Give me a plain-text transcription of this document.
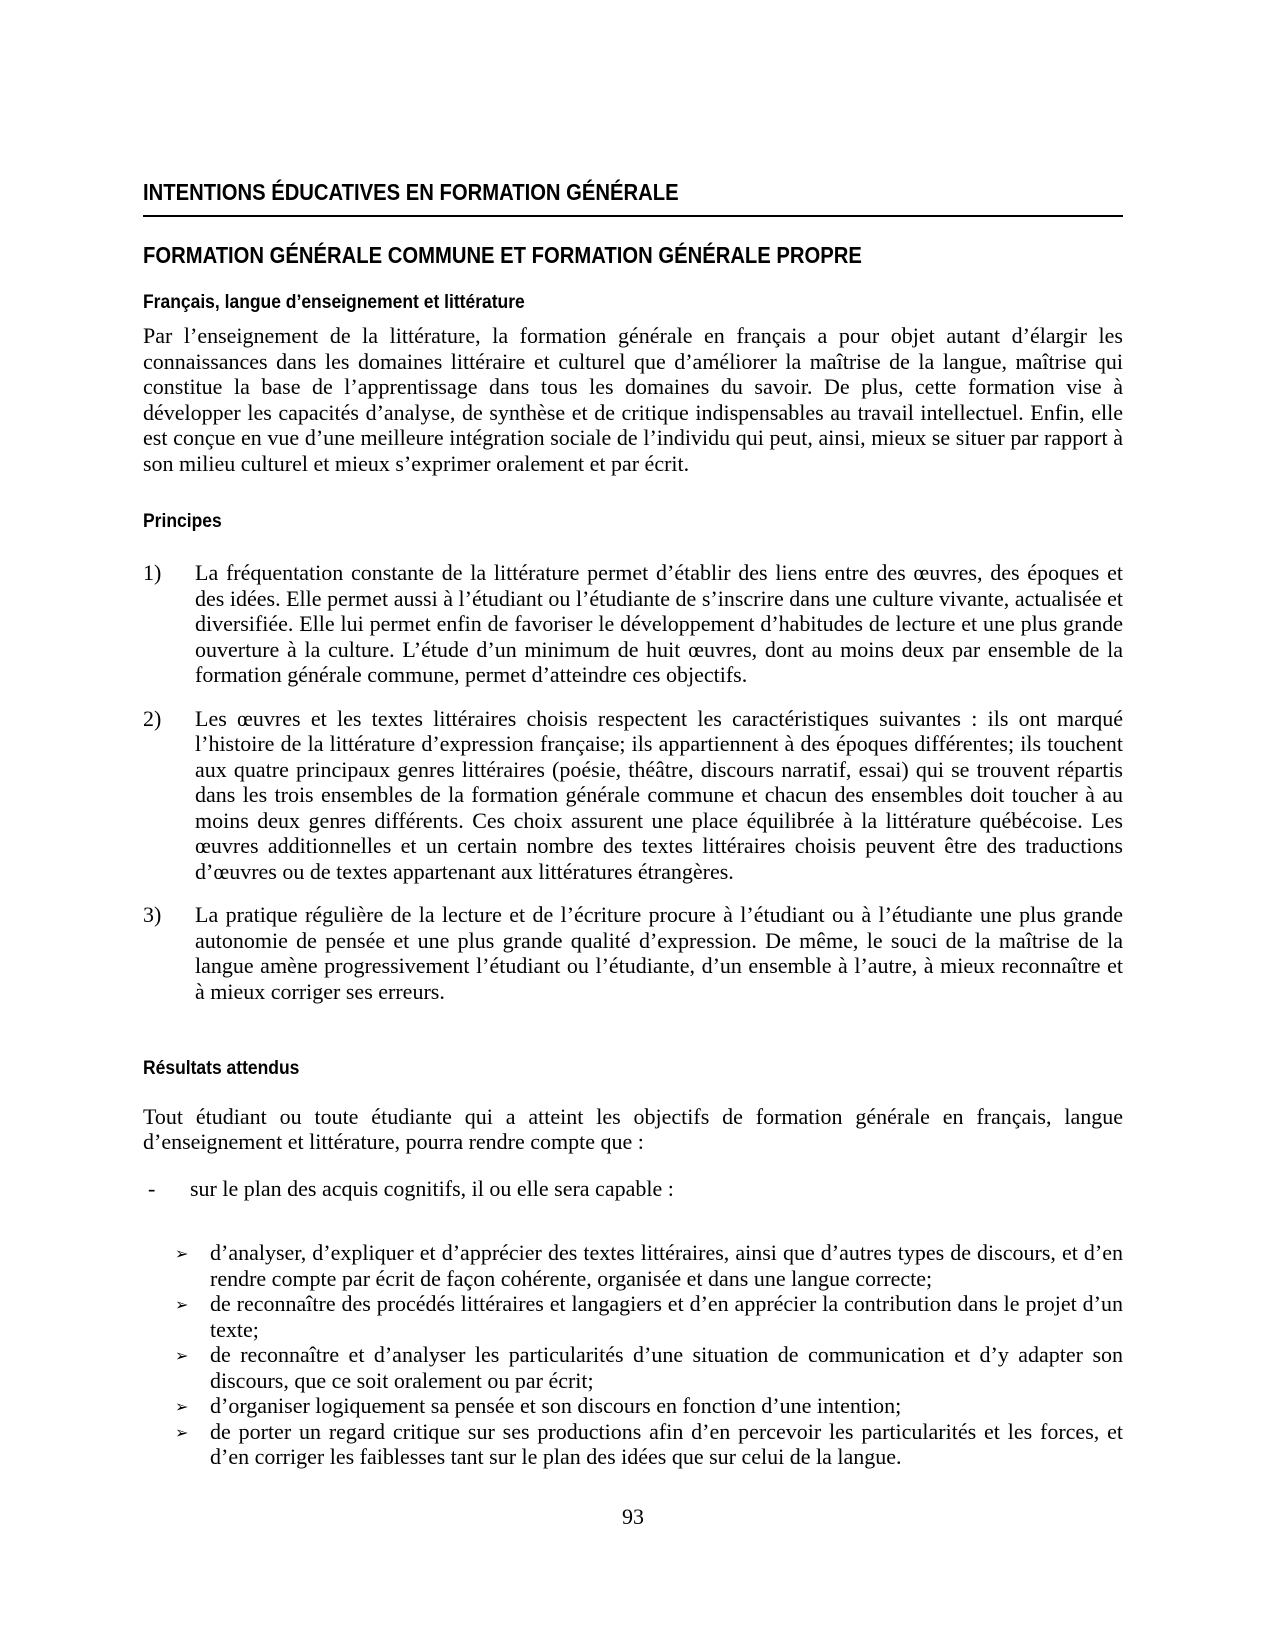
INTENTIONS ÉDUCATIVES EN FORMATION GÉNÉRALE
FORMATION GÉNÉRALE COMMUNE ET FORMATION GÉNÉRALE PROPRE
Français, langue d’enseignement et littérature

Par l’enseignement de la littérature, la formation générale en français a pour objet autant d’élargir les connaissances dans les domaines littéraire et culturel que d’améliorer la maîtrise de la langue, maîtrise qui constitue la base de l’apprentissage dans tous les domaines du savoir. De plus, cette formation vise à développer les capacités d’analyse, de synthèse et de critique indispensables au travail intellectuel. Enfin, elle est conçue en vue d’une meilleure intégration sociale de l’individu qui peut, ainsi, mieux se situer par rapport à son milieu culturel et mieux s’exprimer oralement et par écrit.

Principes
1) La fréquentation constante de la littérature permet d’établir des liens entre des œuvres, des époques et des idées. Elle permet aussi à l’étudiant ou l’étudiante de s’inscrire dans une culture vivante, actualisée et diversifiée. Elle lui permet enfin de favoriser le développement d’habitudes de lecture et une plus grande ouverture à la culture. L’étude d’un minimum de huit œuvres, dont au moins deux par ensemble de la formation générale commune, permet d’atteindre ces objectifs.
2) Les œuvres et les textes littéraires choisis respectent les caractéristiques suivantes : ils ont marqué l’histoire de la littérature d’expression française; ils appartiennent à des époques différentes; ils touchent aux quatre principaux genres littéraires (poésie, théâtre, discours narratif, essai) qui se trouvent répartis dans les trois ensembles de la formation générale commune et chacun des ensembles doit toucher à au moins deux genres différents. Ces choix assurent une place équilibrée à la littérature québécoise. Les œuvres additionnelles et un certain nombre des textes littéraires choisis peuvent être des traductions d’œuvres ou de textes appartenant aux littératures étrangères.
3) La pratique régulière de la lecture et de l’écriture procure à l’étudiant ou à l’étudiante une plus grande autonomie de pensée et une plus grande qualité d’expression. De même, le souci de la maîtrise de la langue amène progressivement l’étudiant ou l’étudiante, d’un ensemble à l’autre, à mieux reconnaître et à mieux corriger ses erreurs.
Résultats attendus

Tout étudiant ou toute étudiante qui a atteint les objectifs de formation générale en français, langue d’enseignement et littérature, pourra rendre compte que :

- sur le plan des acquis cognitifs, il ou elle sera capable :
➢ d’analyser, d’expliquer et d’apprécier des textes littéraires, ainsi que d’autres types de discours, et d’en rendre compte par écrit de façon cohérente, organisée et dans une langue correcte;
➢ de reconnaître des procédés littéraires et langagiers et d’en apprécier la contribution dans le projet d’un texte;
➢ de reconnaître et d’analyser les particularités d’une situation de communication et d’y adapter son discours, que ce soit oralement ou par écrit;
➢ d’organiser logiquement sa pensée et son discours en fonction d’une intention;
➢ de porter un regard critique sur ses productions afin d’en percevoir les particularités et les forces, et d’en corriger les faiblesses tant sur le plan des idées que sur celui de la langue.
93
